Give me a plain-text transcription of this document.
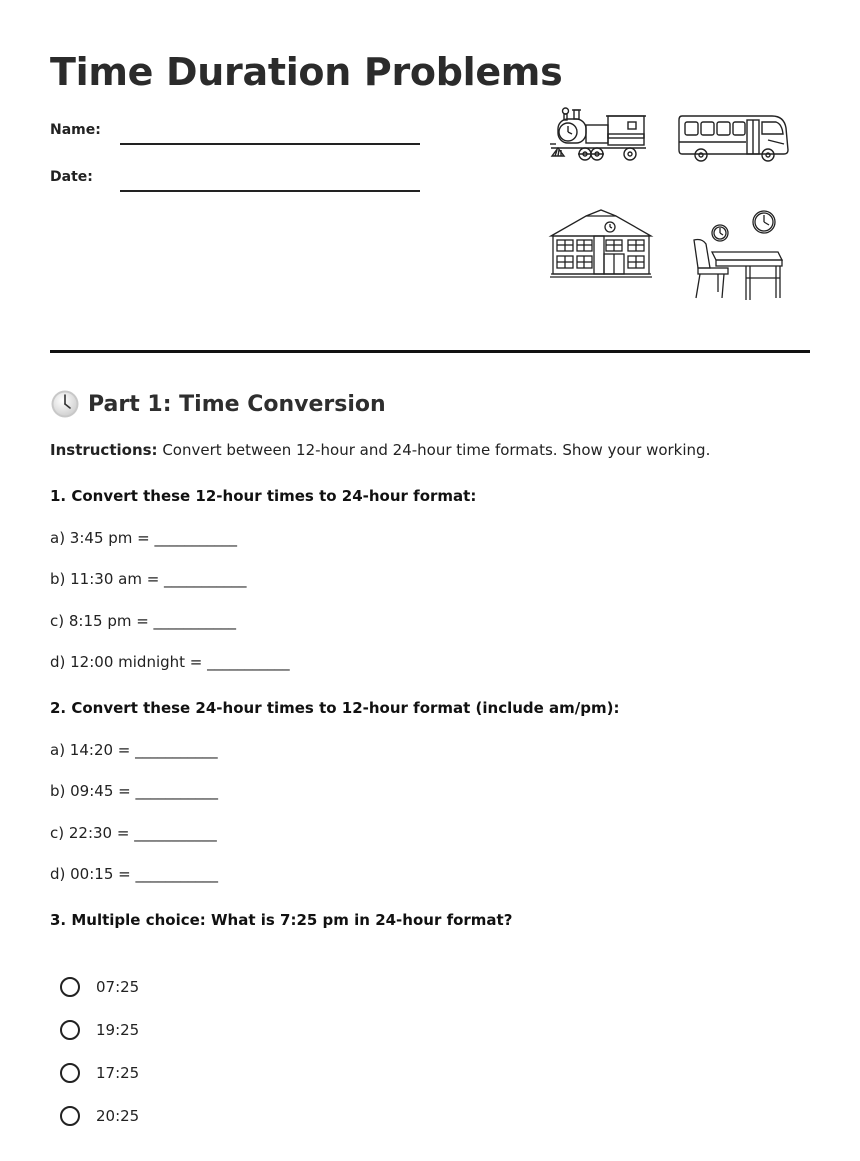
Time Duration Problems
Name:
Date:
Part 1: Time Conversion
Instructions: Convert between 12-hour and 24-hour time formats. Show your working.
1. Convert these 12-hour times to 24-hour format:
a) 3:45 pm = ___________
b) 11:30 am = ___________
c) 8:15 pm = ___________
d) 12:00 midnight = ___________
2. Convert these 24-hour times to 12-hour format (include am/pm):
a) 14:20 = ___________
b) 09:45 = ___________
c) 22:30 = ___________
d) 00:15 = ___________
3. Multiple choice: What is 7:25 pm in 24-hour format?
07:25
19:25
17:25
20:25
